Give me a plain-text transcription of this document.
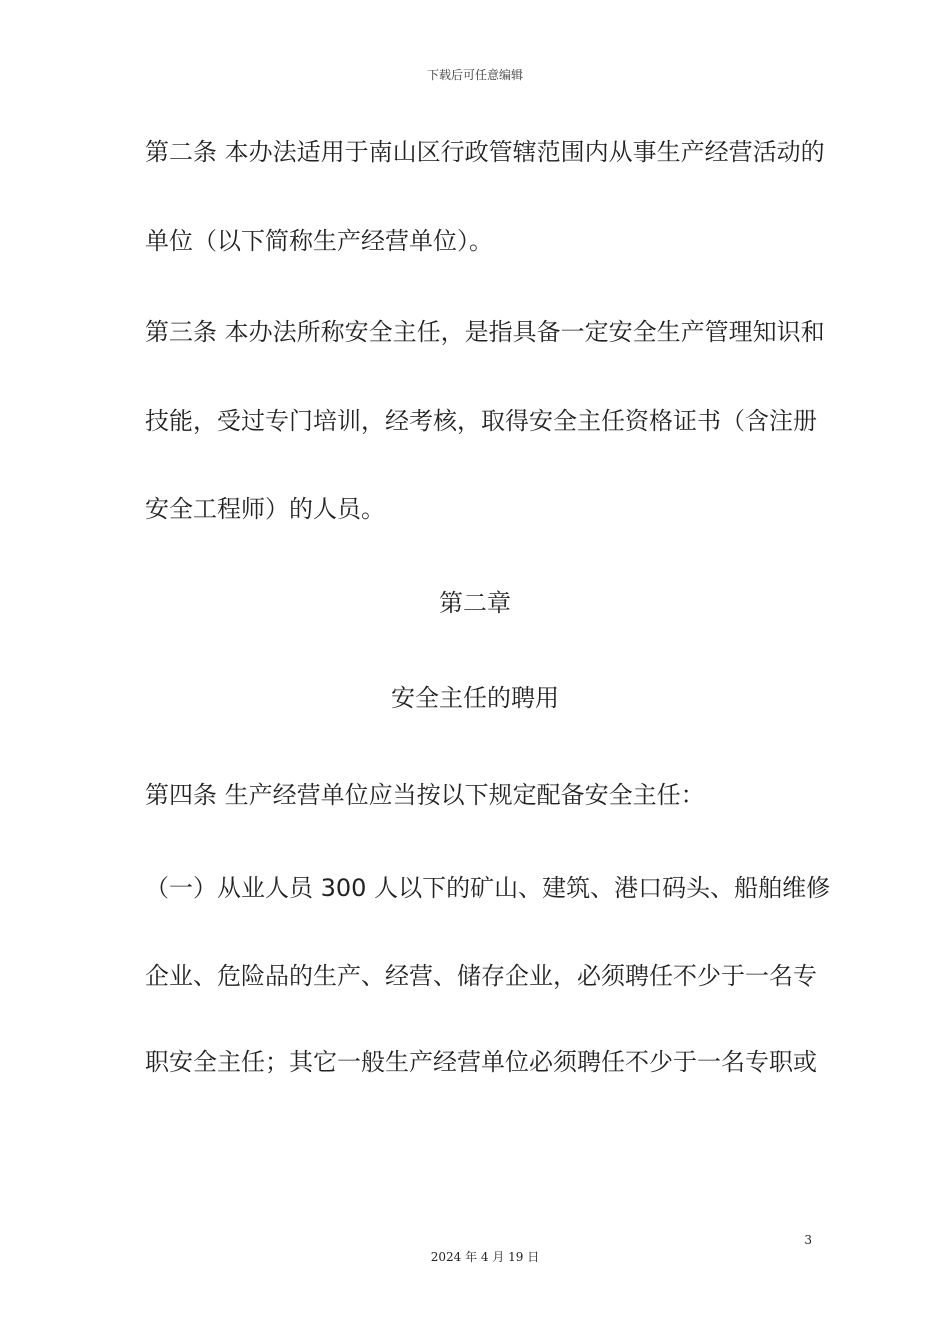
下载后可任意编辑
第二条 本办法适用于南山区行政管辖范围内从事生产经营活动的
单位（以下简称生产经营单位）。
第三条 本办法所称安全主任，是指具备一定安全生产管理知识和
技能，受过专门培训，经考核，取得安全主任资格证书（含注册
安全工程师）的人员。
第二章
安全主任的聘用
第四条 生产经营单位应当按以下规定配备安全主任：
（一）从业人员 300 人以下的矿山、建筑、港口码头、船舶维修
企业、危险品的生产、经营、储存企业，必须聘任不少于一名专
职安全主任；其它一般生产经营单位必须聘任不少于一名专职或
3
2024 年 4 月 19 日
